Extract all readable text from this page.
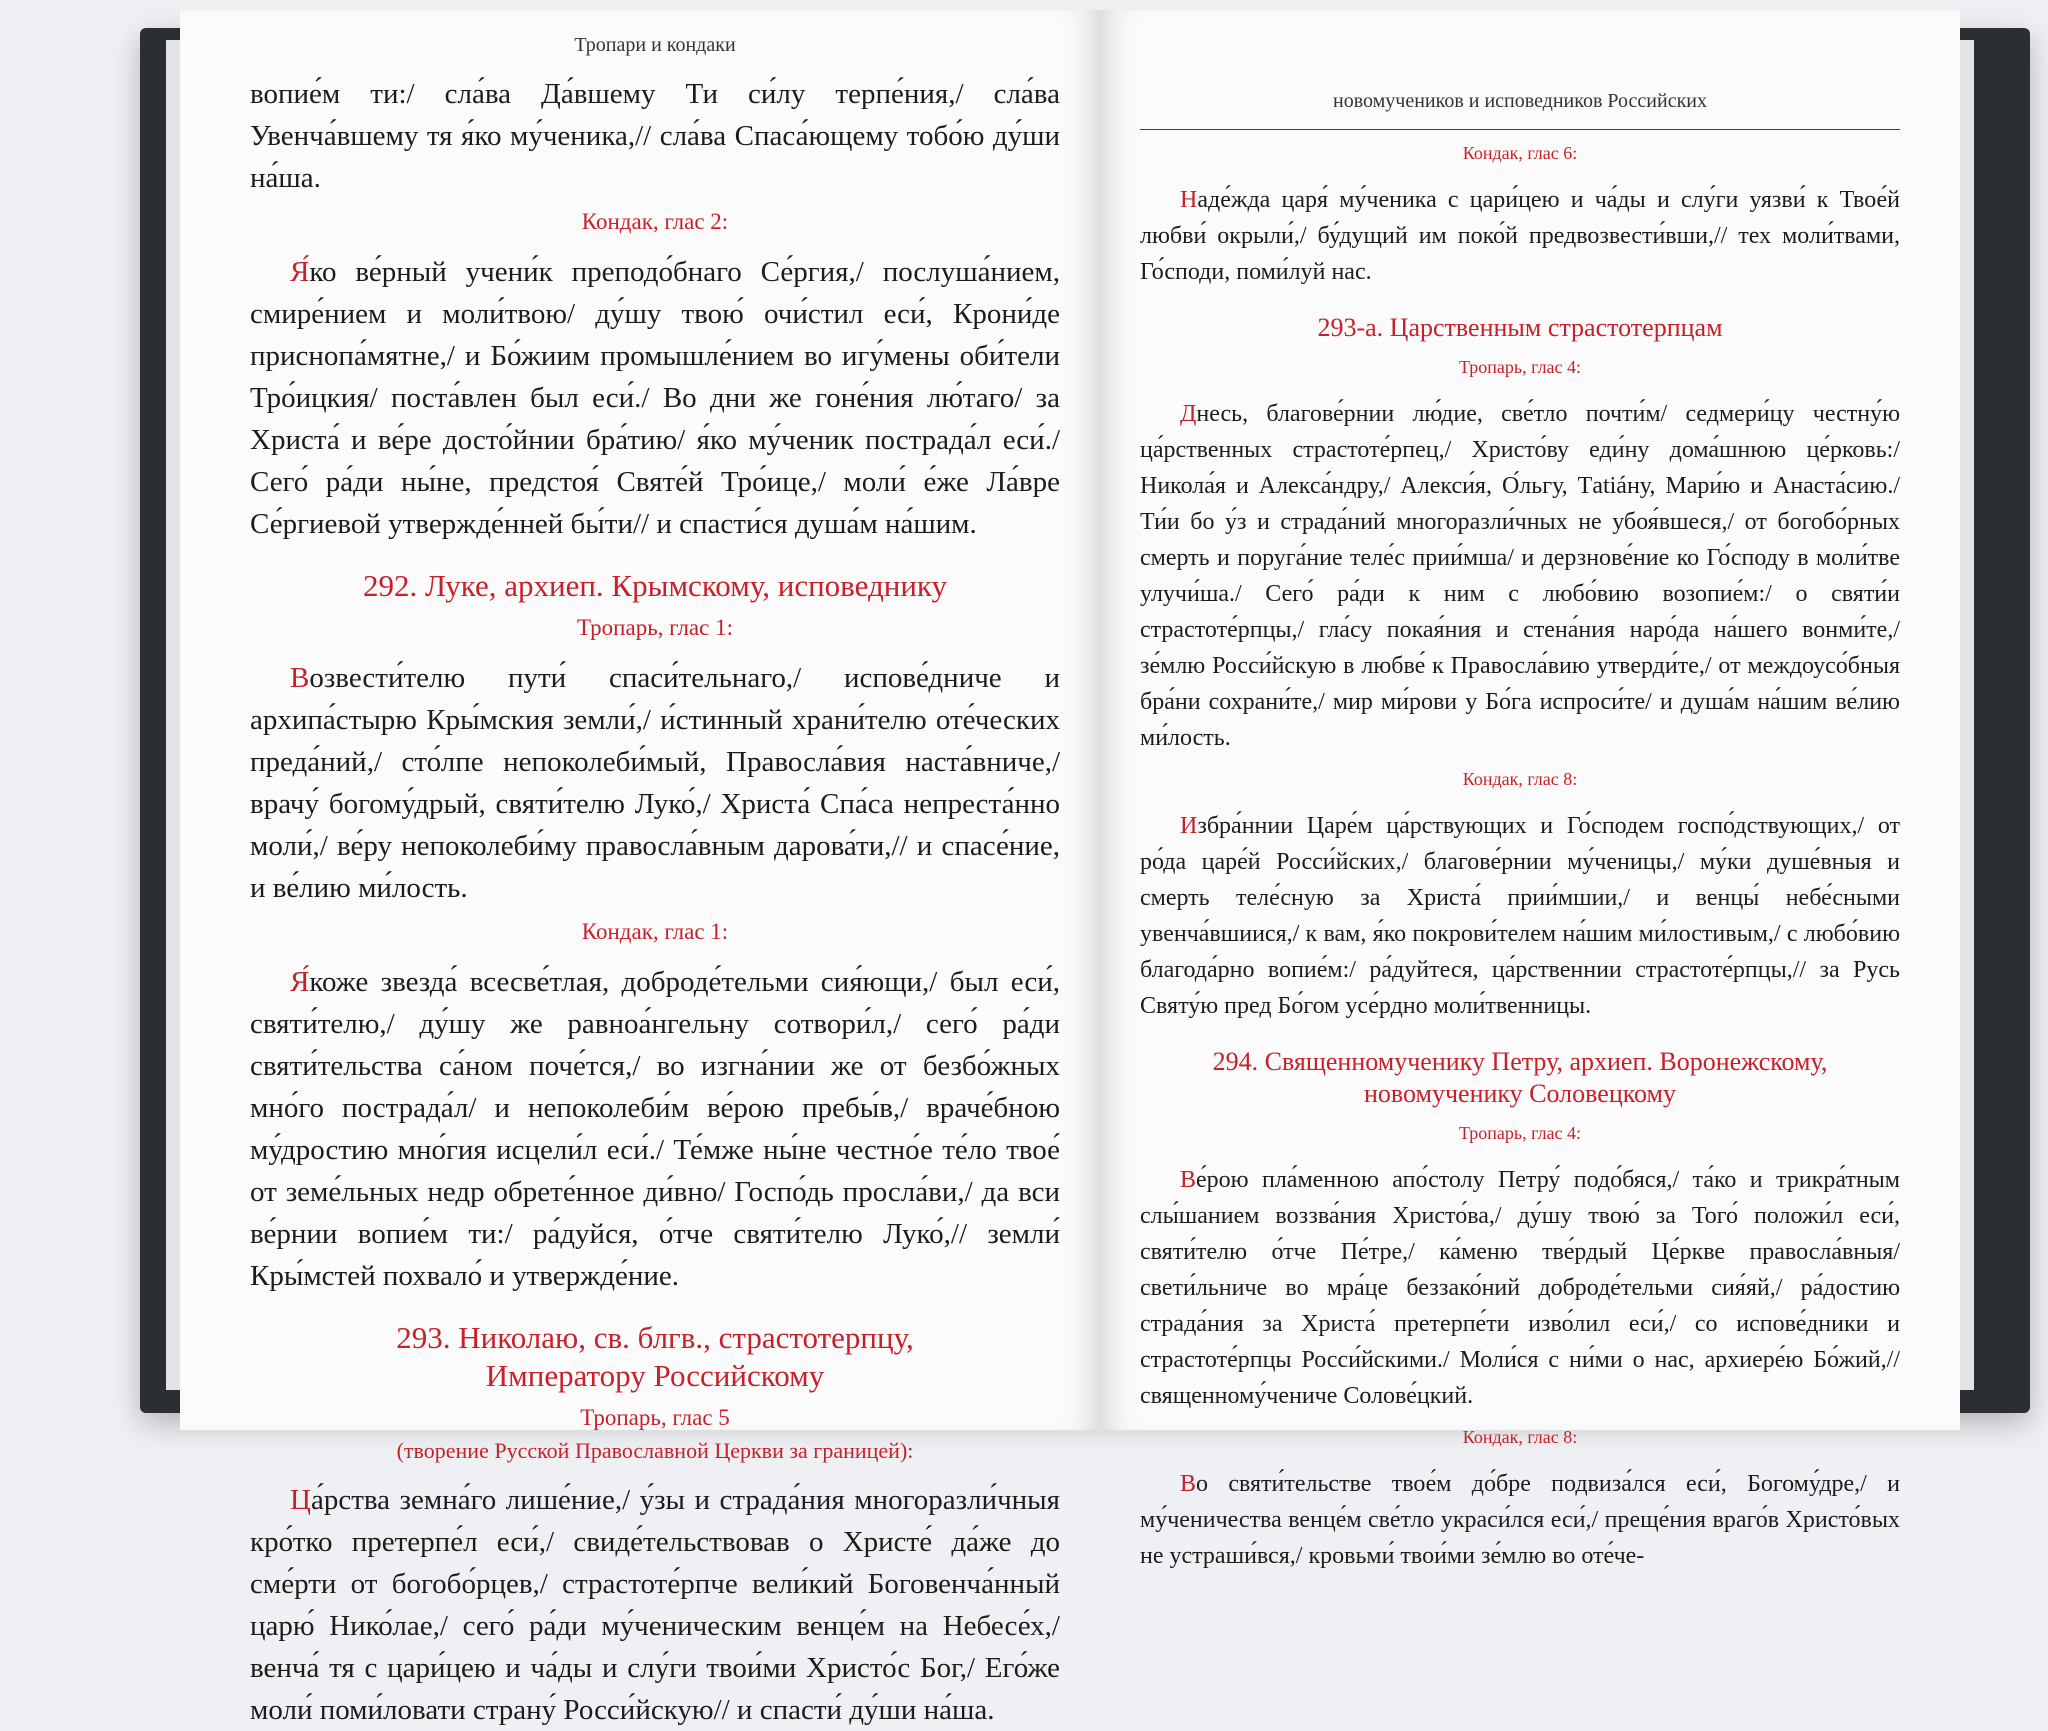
Тропари и кондаки

вопие́м ти:/ сла́ва Да́вшему Ти си́лу терпе́ния,/ сла́ва Увенча́вшему тя я́ко му́ченика,// сла́ва Спаса́ющему тобо́ю ду́ши на́ша.

Кондак, глас 2:

Я́ко ве́рный учени́к преподо́бнаго Се́ргия,/ послуша́нием, смире́нием и моли́твою/ ду́шу твою́ очи́стил еси́, Крони́де приснопа́мятне,/ и Бо́жиим промышле́нием во игу́мены оби́тели Тро́ицкия/ поста́влен был еси́./ Во дни же гоне́ния лю́таго/ за Христа́ и ве́ре досто́йнии бра́тию/ я́ко му́ченик пострада́л еси́./ Сего́ ра́ди ны́не, предстоя́ Святе́й Тро́ице,/ моли́ е́же Ла́вре Се́ргиевой утвержде́нней бы́ти// и спасти́ся душа́м на́шим.

292. Луке, архиеп. Крымскому, исповеднику
Тропарь, глас 1:

Возвести́телю пути́ спаси́тельнаго,/ испове́дниче и архипа́стырю Кры́мския земли́,/ и́стинный храни́телю оте́ческих преда́ний,/ сто́лпе непоколеби́мый, Правосла́вия наста́вниче,/ врачу́ богому́дрый, святи́телю Луко́,/ Христа́ Спа́са непреста́нно моли́,/ ве́ру непоколеби́му правосла́вным дарова́ти,// и спасе́ние, и ве́лию ми́лость.

Кондак, глас 1:

Я́коже звезда́ всесве́тлая, доброде́тельми сия́ющи,/ был еси́, святи́телю,/ ду́шу же равноа́нгельну сотвори́л,/ сего́ ра́ди святи́тельства са́ном поче́тся,/ во изгна́нии же от безбо́жных мно́го пострада́л/ и непоколеби́м ве́рою пребы́в,/ враче́бною му́дростию мно́гия исцели́л еси́./ Те́мже ны́не честно́е те́ло твое́ от земе́льных недр обрете́нное ди́вно/ Госпо́дь просла́ви,/ да вси ве́рнии вопие́м ти:/ ра́дуйся, о́тче святи́телю Луко́,// земли́ Кры́мстей похвало́ и утвержде́ние.

293. Николаю, св. блгв., страстотерпцу,
Императору Российскому
Тропарь, глас 5
(творение Русской Православной Церкви за границей):

Ца́рства земна́го лише́ние,/ у́зы и страда́ния многоразли́чныя кро́тко претерпе́л еси́,/ свиде́тельствовав о Христе́ да́же до сме́рти от богобо́рцев,/ страстоте́рпче вели́кий Боговенча́нный царю́ Нико́лае,/ сего́ ра́ди му́ченическим венце́м на Небесе́х,/ венча́ тя с цари́цею и ча́ды и слу́ги твои́ми Христо́с Бог,/ Его́же моли́ поми́ловати страну́ Росси́йскую// и спасти́ ду́ши на́ша.

новомучеников и исповедников Российских
Кондак, глас 6:

Наде́жда царя́ му́ченика с цари́цею и ча́ды и слу́ги уязви́ к Твое́й любви́ окрыли́,/ бу́дущий им поко́й предвозвести́вши,// тех моли́твами, Го́споди, поми́луй нас.

293-а. Царственным страстотерпцам
Тропарь, глас 4:

Днесь, благове́рнии лю́дие, све́тло почти́м/ седмери́цу честну́ю ца́рственных страстоте́рпец,/ Христо́ву еди́ну дома́шнюю це́рковь:/ Никола́я и Алекса́ндру,/ Алекси́я, О́льгу, Тatiáну, Мари́ю и Анаста́сию./ Ти́и бо у́з и страда́ний многоразли́чных не убоя́вшеся,/ от богобо́рных смерть и поруга́ние теле́с прии́мша/ и дерзнове́ние ко Го́споду в моли́тве улучи́ша./ Сего́ ра́ди к ним с любо́вию возопие́м:/ о святи́и страстоте́рпцы,/ гла́су покая́ния и стена́ния наро́да на́шего вонми́те,/ зе́млю Росси́йскую в любве́ к Правосла́вию утверди́те,/ от междоусо́бныя бра́ни сохрани́те,/ мир ми́рови у Бо́га испроси́те/ и душа́м на́шим ве́лию ми́лость.

Кондак, глас 8:

Избра́ннии Царе́м ца́рствующих и Го́сподем госпо́дствующих,/ от ро́да царе́й Росси́йских,/ благове́рнии му́ченицы,/ му́ки душе́вныя и смерть теле́сную за Христа́ прии́мшии,/ и венцы́ небе́сными увенча́вшиися,/ к вам, я́ко покрови́телем на́шим ми́лостивым,/ с любо́вию благода́рно вопие́м:/ ра́дуйтеся, ца́рственнии страстоте́рпцы,// за Русь Святу́ю пред Бо́гом усе́рдно моли́твенницы.

294. Священномученику Петру, архиеп. Воронежскому,
новомученику Соловецкому
Тропарь, глас 4:

Ве́рою пла́менною апо́столу Петру́ подо́бяся,/ та́ко и трикра́тным слы́шанием воззва́ния Христо́ва,/ ду́шу твою́ за Того́ положи́л еси́, святи́телю о́тче Пе́тре,/ ка́меню тве́рдый Це́ркве правосла́вныя/ свети́льниче во мра́це беззако́ний доброде́тельми сия́яй,/ ра́достию страда́ния за Христа́ претерпе́ти изво́лил еси́,/ со испове́дники и страстоте́рпцы Росси́йскими./ Моли́ся с ни́ми о нас, архиере́ю Бо́жий,// священному́чениче Солове́цкий.

Кондак, глас 8:

Во святи́тельстве твое́м до́бре подвиза́лся еси́, Богому́дре,/ и му́ченичества венце́м све́тло украси́лся еси́,/ преще́ния враго́в Христо́вых не устраши́вся,/ кровьми́ твои́ми зе́млю во оте́че-
